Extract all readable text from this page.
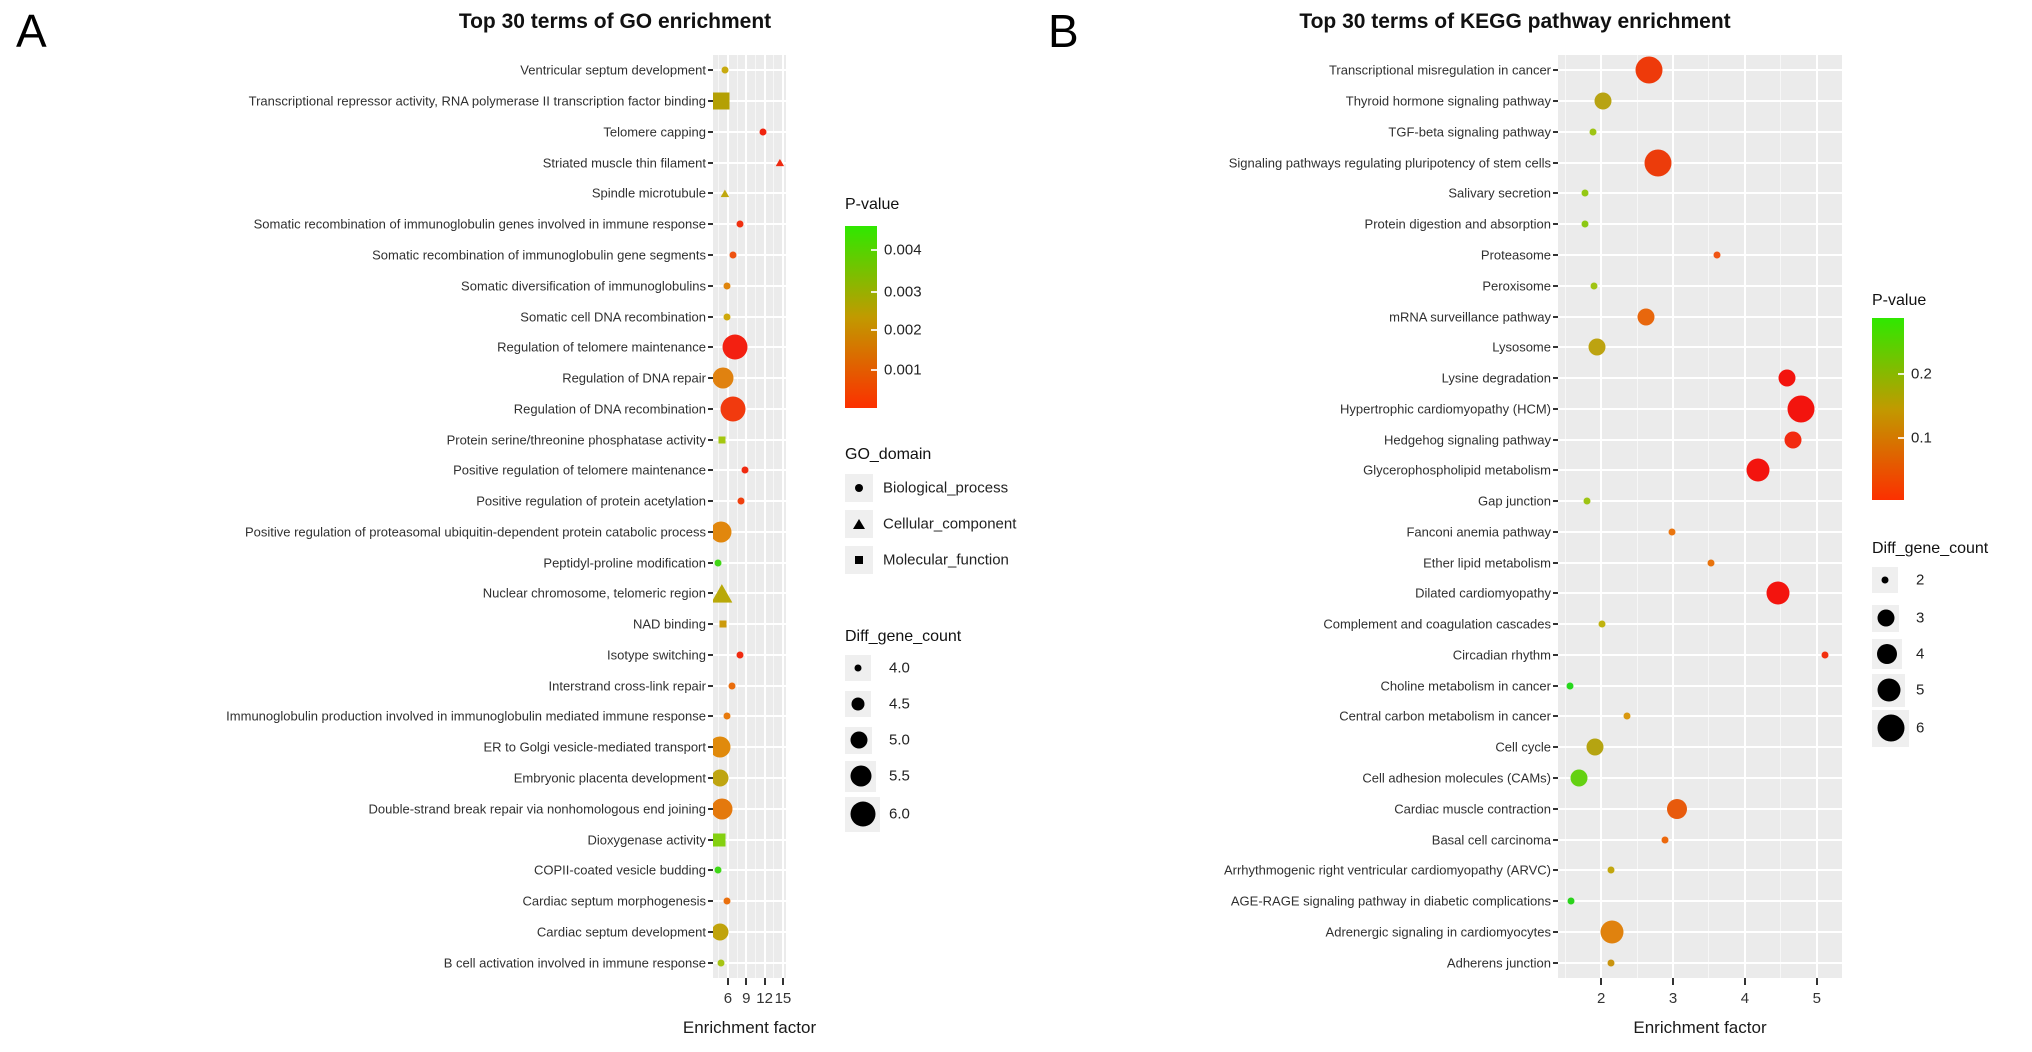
A	B
Top 30 terms of GO enrichment	Top 30 terms of KEGG pathway enrichment
Ventricular septum development
Transcriptional repressor activity, RNA polymerase II transcription factor binding
Telomere capping
Striated muscle thin filament
Spindle microtubule
Somatic recombination of immunoglobulin genes involved in immune response
Somatic recombination of immunoglobulin gene segments
Somatic diversification of immunoglobulins
Somatic cell DNA recombination
Regulation of telomere maintenance
Regulation of DNA repair
Regulation of DNA recombination
Protein serine/threonine phosphatase activity
Positive regulation of telomere maintenance
Positive regulation of protein acetylation
Positive regulation of proteasomal ubiquitin-dependent protein catabolic process
Peptidyl-proline modification
Nuclear chromosome, telomeric region
NAD binding
Isotype switching
Interstrand cross-link repair
Immunoglobulin production involved in immunoglobulin mediated immune response
ER to Golgi vesicle-mediated transport
Embryonic placenta development
Double-strand break repair via nonhomologous end joining
Dioxygenase activity
COPII-coated vesicle budding
Cardiac septum morphogenesis
Cardiac septum development
B cell activation involved in immune response
6 9 12 15
Enrichment factor
P-value
0.004
0.003
0.002
0.001
GO_domain
Biological_process
Cellular_component
Molecular_function
Diff_gene_count
4.0
4.5
5.0
5.5
6.0
Transcriptional misregulation in cancer
Thyroid hormone signaling pathway
TGF-beta signaling pathway
Signaling pathways regulating pluripotency of stem cells
Salivary secretion
Protein digestion and absorption
Proteasome
Peroxisome
mRNA surveillance pathway
Lysosome
Lysine degradation
Hypertrophic cardiomyopathy (HCM)
Hedgehog signaling pathway
Glycerophospholipid metabolism
Gap junction
Fanconi anemia pathway
Ether lipid metabolism
Dilated cardiomyopathy
Complement and coagulation cascades
Circadian rhythm
Choline metabolism in cancer
Central carbon metabolism in cancer
Cell cycle
Cell adhesion molecules (CAMs)
Cardiac muscle contraction
Basal cell carcinoma
Arrhythmogenic right ventricular cardiomyopathy (ARVC)
AGE-RAGE signaling pathway in diabetic complications
Adrenergic signaling in cardiomyocytes
Adherens junction
2	3	4	5
Enrichment factor
P-value
0.2
0.1
Diff_gene_count
2
3
4
5
6
